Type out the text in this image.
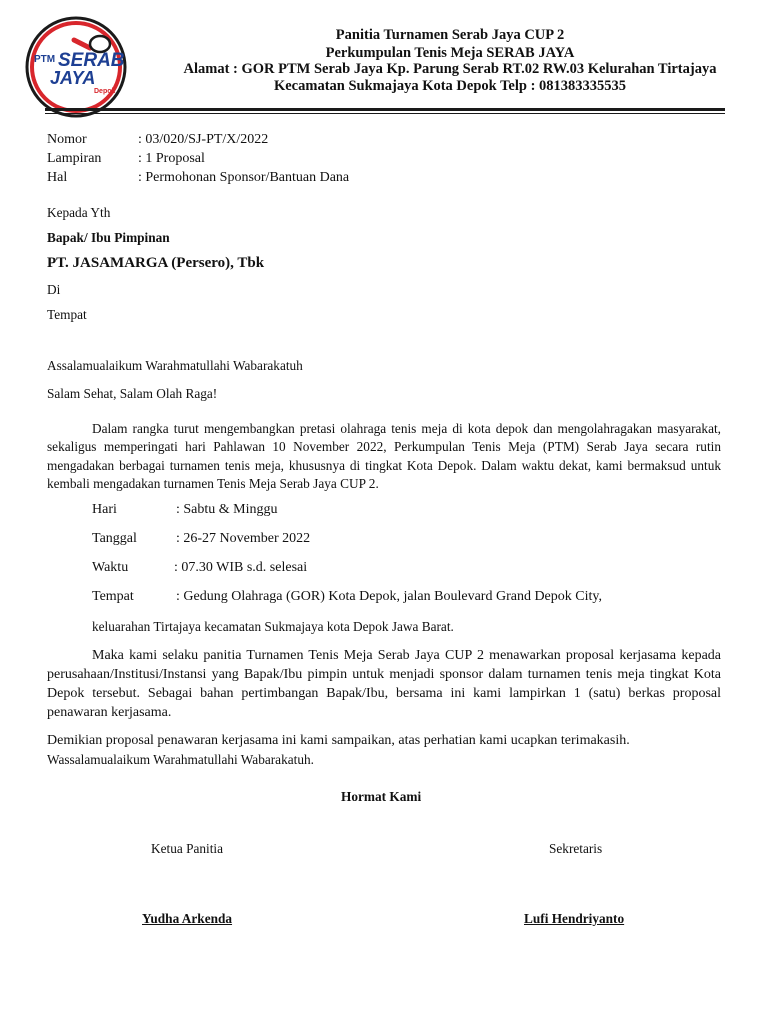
PTM SERAB
JAYA
Depok
Panitia Turnamen Serab Jaya CUP 2
Perkumpulan Tenis Meja SERAB JAYA
Alamat : GOR PTM Serab Jaya Kp. Parung Serab RT.02 RW.03 Kelurahan Tirtajaya
Kecamatan Sukmajaya Kota Depok Telp : 081383335535
Nomor	: 03/020/SJ-PT/X/2022
Lampiran	: 1 Proposal
Hal	: Permohonan Sponsor/Bantuan Dana
Kepada Yth
Bapak/ Ibu Pimpinan
PT. JASAMARGA (Persero), Tbk
Di
Tempat
Assalamualaikum Warahmatullahi Wabarakatuh
Salam Sehat, Salam Olah Raga!
Dalam rangka turut mengembangkan pretasi olahraga tenis meja di kota depok dan mengolahragakan masyarakat, sekaligus memperingati hari Pahlawan 10 November 2022, Perkumpulan Tenis Meja (PTM) Serab Jaya secara rutin mengadakan berbagai turnamen tenis meja, khususnya di tingkat Kota Depok. Dalam waktu dekat, kami bermaksud untuk kembali mengadakan turnamen Tenis Meja Serab Jaya CUP 2.
Hari	: Sabtu & Minggu
Tanggal	: 26-27 November 2022
Waktu	: 07.30 WIB s.d. selesai
Tempat	: Gedung Olahraga (GOR) Kota Depok, jalan Boulevard Grand Depok City,
keluarahan Tirtajaya kecamatan Sukmajaya kota Depok Jawa Barat.
Maka kami selaku panitia Turnamen Tenis Meja Serab Jaya CUP 2 menawarkan proposal kerjasama kepada perusahaan/Institusi/Instansi yang Bapak/Ibu pimpin untuk menjadi sponsor dalam turnamen tenis meja tingkat Kota Depok tersebut. Sebagai bahan pertimbangan Bapak/Ibu, bersama ini kami lampirkan 1 (satu) berkas proposal penawaran kerjasama.
Demikian proposal penawaran kerjasama ini kami sampaikan, atas perhatian kami ucapkan terimakasih.
Wassalamualaikum Warahmatullahi Wabarakatuh.
Hormat Kami
Ketua Panitia	Sekretaris
Yudha Arkenda	Lufi Hendriyanto
